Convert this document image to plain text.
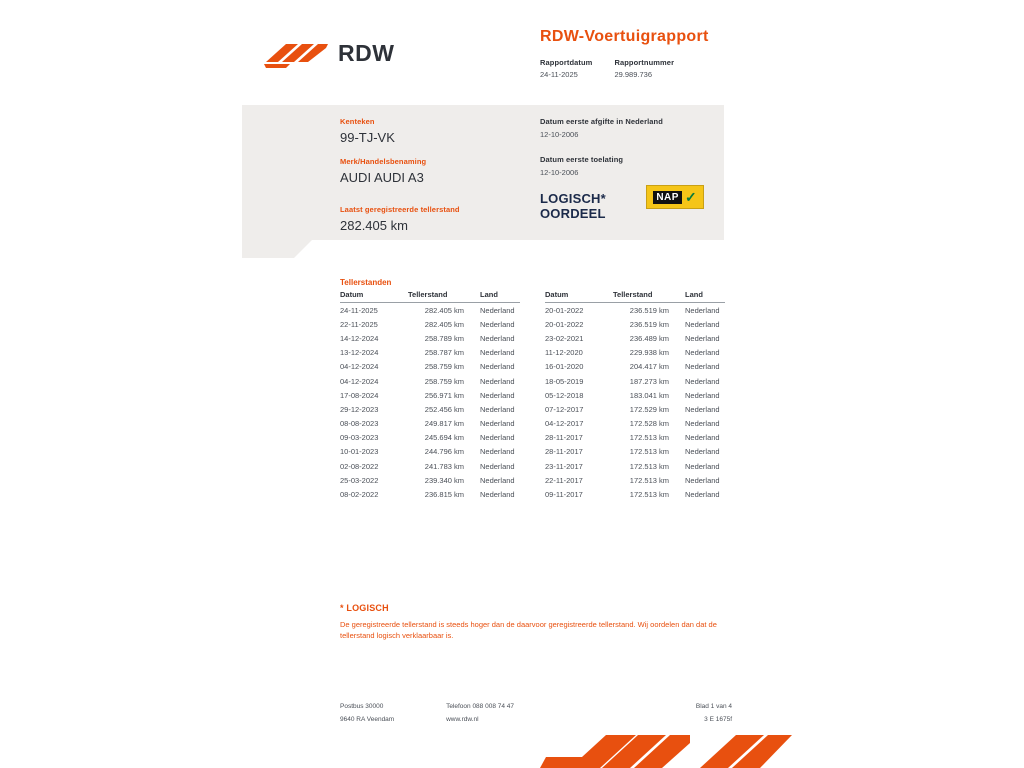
RDW
RDW-Voertuigrapport
Rapportdatum
24-11-2025
Rapportnummer
29.989.736
Kenteken
99-TJ-VK
Merk/Handelsbenaming
AUDI AUDI A3
Laatst geregistreerde tellerstand
282.405 km
Datum eerste afgifte in Nederland
12-10-2006
Datum eerste toelating
12-10-2006
LOGISCH*
OORDEEL
NAP ✓
Tellerstanden
Datum	Tellerstand	Land
24-11-2025	282.405 km	Nederland
22-11-2025	282.405 km	Nederland
14-12-2024	258.789 km	Nederland
13-12-2024	258.787 km	Nederland
04-12-2024	258.759 km	Nederland
04-12-2024	258.759 km	Nederland
17-08-2024	256.971 km	Nederland
29-12-2023	252.456 km	Nederland
08-08-2023	249.817 km	Nederland
09-03-2023	245.694 km	Nederland
10-01-2023	244.796 km	Nederland
02-08-2022	241.783 km	Nederland
25-03-2022	239.340 km	Nederland
08-02-2022	236.815 km	Nederland
Datum	Tellerstand	Land
20-01-2022	236.519 km	Nederland
20-01-2022	236.519 km	Nederland
23-02-2021	236.489 km	Nederland
11-12-2020	229.938 km	Nederland
16-01-2020	204.417 km	Nederland
18-05-2019	187.273 km	Nederland
05-12-2018	183.041 km	Nederland
07-12-2017	172.529 km	Nederland
04-12-2017	172.528 km	Nederland
28-11-2017	172.513 km	Nederland
28-11-2017	172.513 km	Nederland
23-11-2017	172.513 km	Nederland
22-11-2017	172.513 km	Nederland
09-11-2017	172.513 km	Nederland
* LOGISCH
De geregistreerde tellerstand is steeds hoger dan de daarvoor geregistreerde tellerstand. Wij oordelen dan dat de tellerstand logisch verklaarbaar is.
Postbus 30000
9640 RA Veendam
Telefoon 088 008 74 47
www.rdw.nl
Blad 1 van 4
3 E 1675f
